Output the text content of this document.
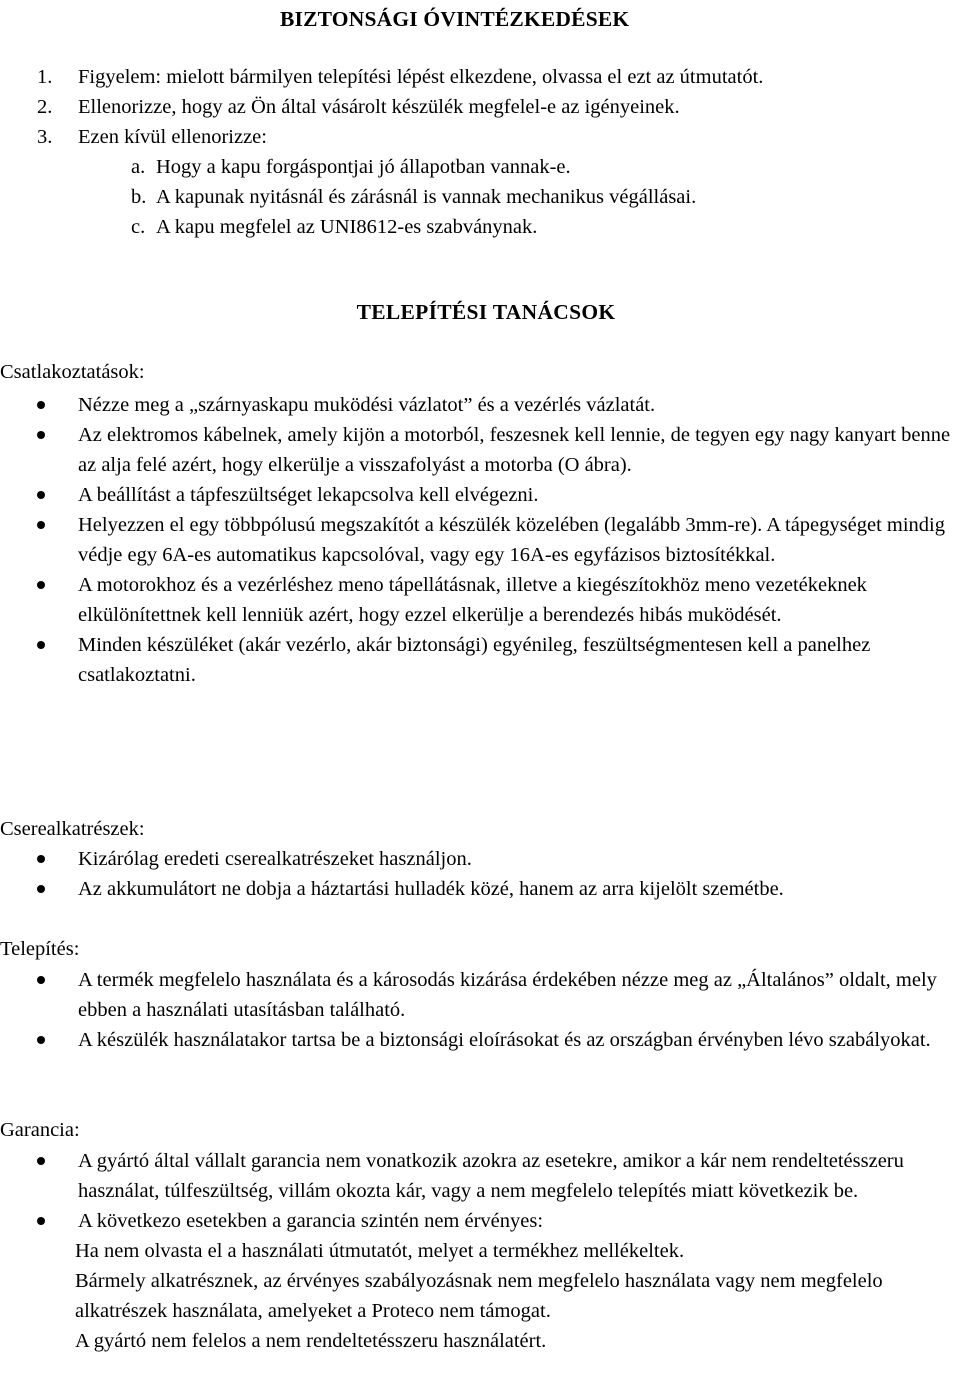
BIZTONSÁGI ÓVINTÉZKEDÉSEK
1. Figyelem: mielott bármilyen telepítési lépést elkezdene, olvassa el ezt az útmutatót.
2. Ellenorizze, hogy az Ön által vásárolt készülék megfelel-e az igényeinek.
3. Ezen kívül ellenorizze:
a. Hogy a kapu forgáspontjai jó állapotban vannak-e.
b. A kapunak nyitásnál és zárásnál is vannak mechanikus végállásai.
c. A kapu megfelel az UNI8612-es szabványnak.
TELEPÍTÉSI TANÁCSOK
Csatlakoztatások:
Nézze meg a „szárnyaskapu muködési vázlatot” és a vezérlés vázlatát.
Az elektromos kábelnek, amely kijön a motorból, feszesnek kell lennie, de tegyen egy nagy kanyart benne az alja felé azért, hogy elkerülje a visszafolyást a motorba (O ábra).
A beállítást a tápfeszültséget lekapcsolva kell elvégezni.
Helyezzen el egy többpólusú megszakítót a készülék közelében (legalább 3mm-re). A tápegységet mindig védje egy 6A-es automatikus kapcsolóval, vagy egy 16A-es egyfázisos biztosítékkal.
A motorokhoz és a vezérléshez meno tápellátásnak, illetve a kiegészítokhöz meno vezetékeknek elkülönítettnek kell lenniük azért, hogy ezzel elkerülje a berendezés hibás muködését.
Minden készüléket (akár vezérlo, akár biztonsági) egyénileg, feszültségmentesen kell a panelhez csatlakoztatni.
Cserealkatrészek:
Kizárólag eredeti cserealkatrészeket használjon.
Az akkumulátort ne dobja a háztartási hulladék közé, hanem az arra kijelölt szemétbe.
Telepítés:
A termék megfelelo használata és a károsodás kizárása érdekében nézze meg az „Általános” oldalt, mely ebben a használati utasításban található.
A készülék használatakor tartsa be a biztonsági eloírásokat és az országban érvényben lévo szabályokat.
Garancia:
A gyártó által vállalt garancia nem vonatkozik azokra az esetekre, amikor a kár nem rendeltetésszeru használat, túlfeszültség, villám okozta kár, vagy a nem megfelelo telepítés miatt következik be.
A következo esetekben a garancia szintén nem érvényes:
Ha nem olvasta el a használati útmutatót, melyet a termékhez mellékeltek.
Bármely alkatrésznek, az érvényes szabályozásnak nem megfelelo használata vagy nem megfelelo alkatrészek használata, amelyeket a Proteco nem támogat.
A gyártó nem felelos a nem rendeltetésszeru használatért.
